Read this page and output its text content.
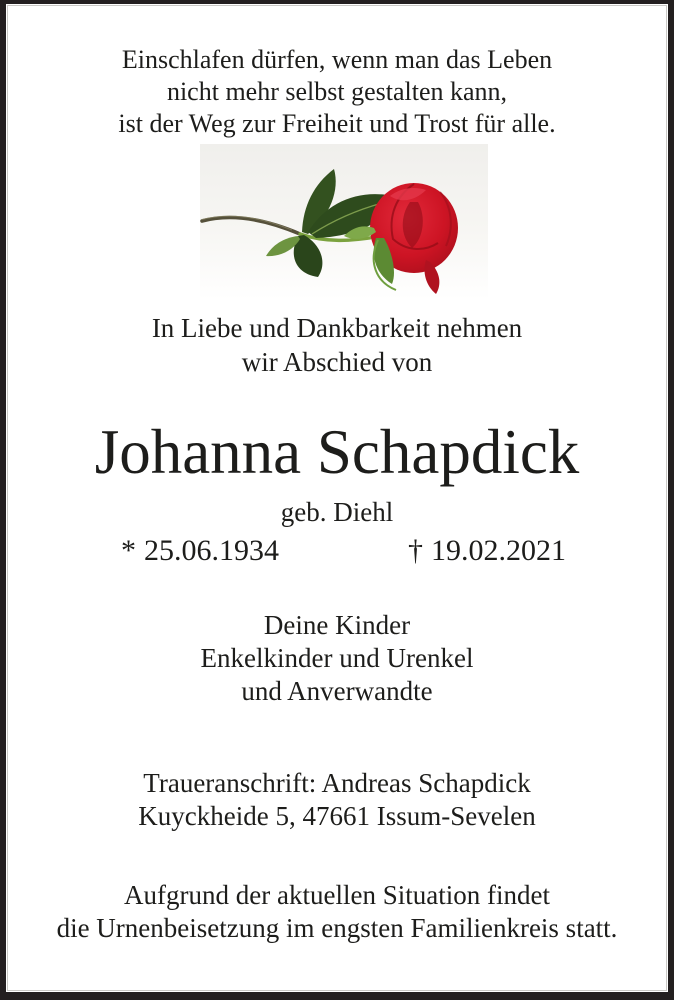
Einschlafen dürfen, wenn man das Leben
nicht mehr selbst gestalten kann,
ist der Weg zur Freiheit und Trost für alle.
In Liebe und Dankbarkeit nehmen
wir Abschied von
Johanna Schapdick
geb. Diehl
* 25.06.1934	† 19.02.2021
Deine Kinder
Enkelkinder und Urenkel
und Anverwandte
Traueranschrift: Andreas Schapdick
Kuyckheide 5, 47661 Issum-Sevelen
Aufgrund der aktuellen Situation findet
die Urnenbeisetzung im engsten Familienkreis statt.
